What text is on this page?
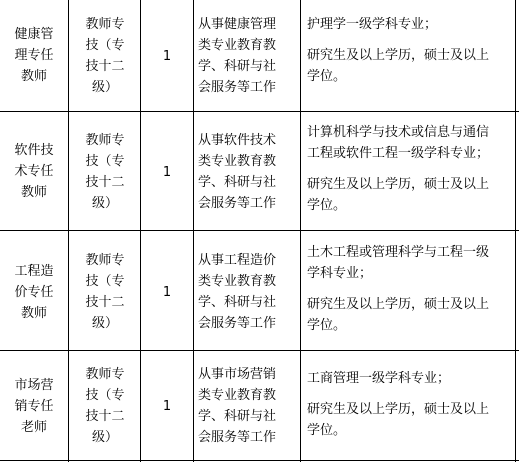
健康管
理专任
教师
教师专
技（专
技十二
级）
1
从事健康管理
类专业教育教
学、科研与社
会服务等工作
护理学一级学科专业；
研究生及以上学历，硕士及以上
学位。
软件技
术专任
教师
教师专
技（专
技十二
级）
1
从事软件技术
类专业教育教
学、科研与社
会服务等工作
计算机科学与技术或信息与通信
工程或软件工程一级学科专业；
研究生及以上学历，硕士及以上
学位。
工程造
价专任
教师
教师专
技（专
技十二
级）
1
从事工程造价
类专业教育教
学、科研与社
会服务等工作
土木工程或管理科学与工程一级
学科专业；
研究生及以上学历，硕士及以上
学位。
市场营
销专任
老师
教师专
技（专
技十二
级）
1
从事市场营销
类专业教育教
学、科研与社
会服务等工作
工商管理一级学科专业；
研究生及以上学历，硕士及以上
学位。
